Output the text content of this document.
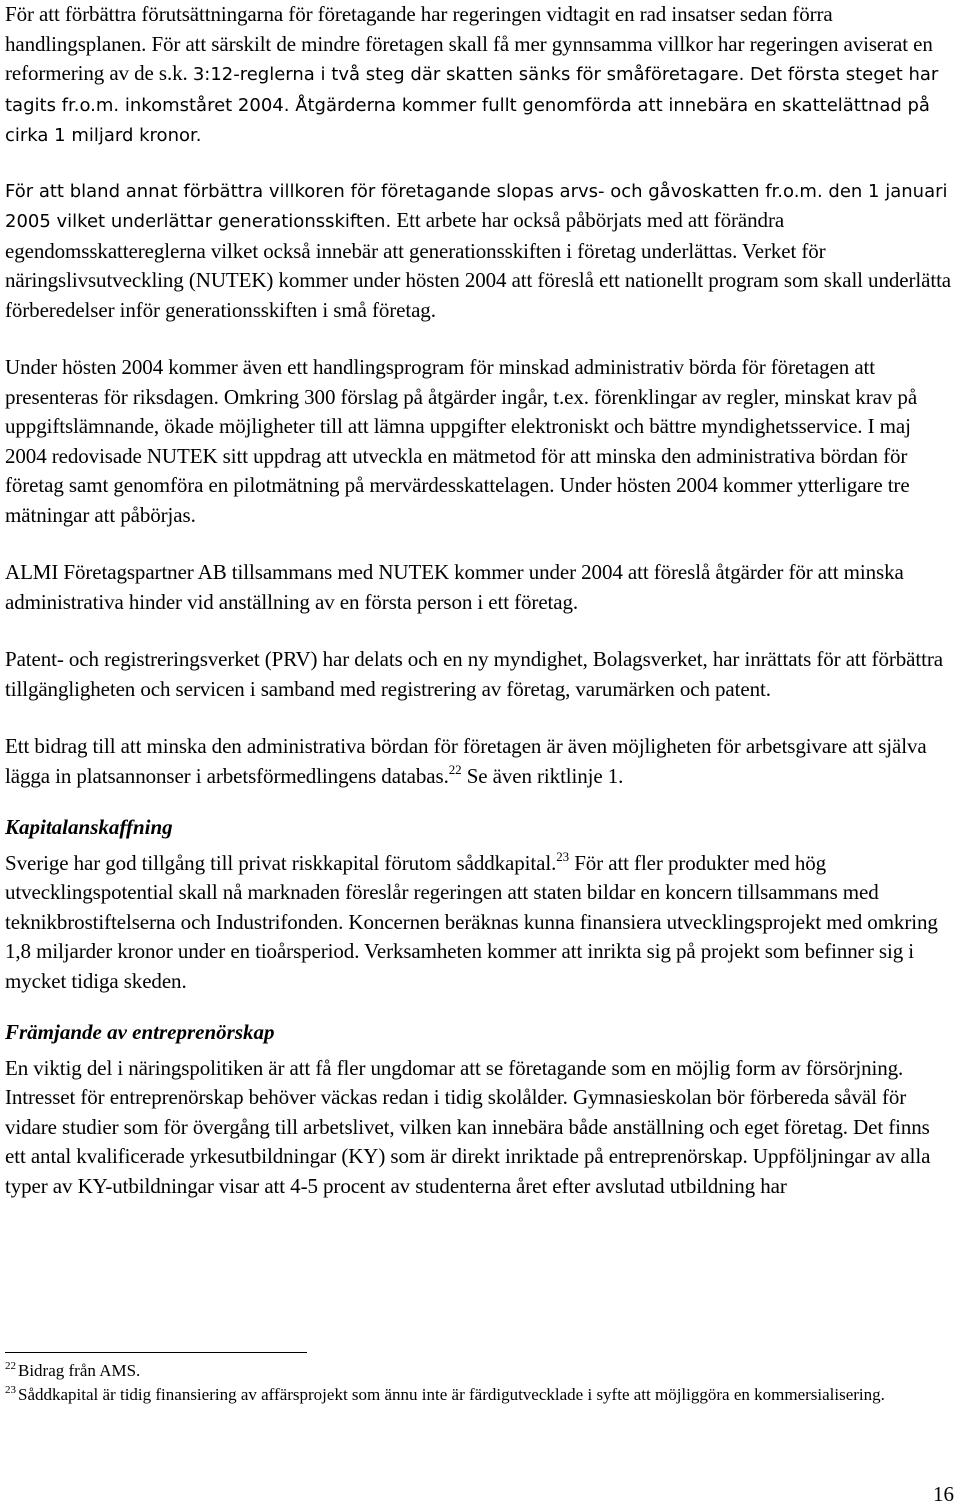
För att förbättra förutsättningarna för företagande har regeringen vidtagit en rad insatser sedan förra handlingsplanen. För att särskilt de mindre företagen skall få mer gynnsamma villkor har regeringen aviserat en reformering av de s.k. 3:12-reglerna i två steg där skatten sänks för småföretagare. Det första steget har tagits fr.o.m. inkomståret 2004. Åtgärderna kommer fullt genomförda att innebära en skattelättnad på cirka 1 miljard kronor.

För att bland annat förbättra villkoren för företagande slopas arvs- och gåvoskatten fr.o.m. den 1 januari 2005 vilket underlättar generationsskiften. Ett arbete har också påbörjats med att förändra egendomsskattereglerna vilket också innebär att generationsskiften i företag underlättas. Verket för näringslivsutveckling (NUTEK) kommer under hösten 2004 att föreslå ett nationellt program som skall underlätta förberedelser inför generationsskiften i små företag.

Under hösten 2004 kommer även ett handlingsprogram för minskad administrativ börda för företagen att presenteras för riksdagen. Omkring 300 förslag på åtgärder ingår, t.ex. förenklingar av regler, minskat krav på uppgiftslämnande, ökade möjligheter till att lämna uppgifter elektroniskt och bättre myndighetsservice. I maj 2004 redovisade NUTEK sitt uppdrag att utveckla en mätmetod för att minska den administrativa bördan för företag samt genomföra en pilotmätning på mervärdesskattelagen. Under hösten 2004 kommer ytterligare tre mätningar att påbörjas.

ALMI Företagspartner AB tillsammans med NUTEK kommer under 2004 att föreslå åtgärder för att minska administrativa hinder vid anställning av en första person i ett företag.

Patent- och registreringsverket (PRV) har delats och en ny myndighet, Bolagsverket, har inrättats för att förbättra tillgängligheten och servicen i samband med registrering av företag, varumärken och patent.

Ett bidrag till att minska den administrativa bördan för företagen är även möjligheten för arbetsgivare att själva lägga in platsannonser i arbetsförmedlingens databas.$^{22}$ Se även riktlinje 1.

Kapitalanskaffning

Sverige har god tillgång till privat riskkapital förutom såddkapital.$^{23}$ För att fler produkter med hög utvecklingspotential skall nå marknaden föreslår regeringen att staten bildar en koncern tillsammans med teknikbrostiftelserna och Industrifonden. Koncernen beräknas kunna finansiera utvecklingsprojekt med omkring 1,8 miljarder kronor under en tioårsperiod. Verksamheten kommer att inrikta sig på projekt som befinner sig i mycket tidiga skeden.

Främjande av entreprenörskap

En viktig del i näringspolitiken är att få fler ungdomar att se företagande som en möjlig form av försörjning. Intresset för entreprenörskap behöver väckas redan i tidig skolålder. Gymnasieskolan bör förbereda såväl för vidare studier som för övergång till arbetslivet, vilken kan innebära både anställning och eget företag. Det finns ett antal kvalificerade yrkesutbildningar (KY) som är direkt inriktade på entreprenörskap. Uppföljningar av alla typer av KY-utbildningar visar att 4-5 procent av studenterna året efter avslutad utbildning har

$^{22}$ Bidrag från AMS.

$^{23}$ Såddkapital är tidig finansiering av affärsprojekt som ännu inte är färdigutvecklade i syfte att möjliggöra en kommersialisering.

16
